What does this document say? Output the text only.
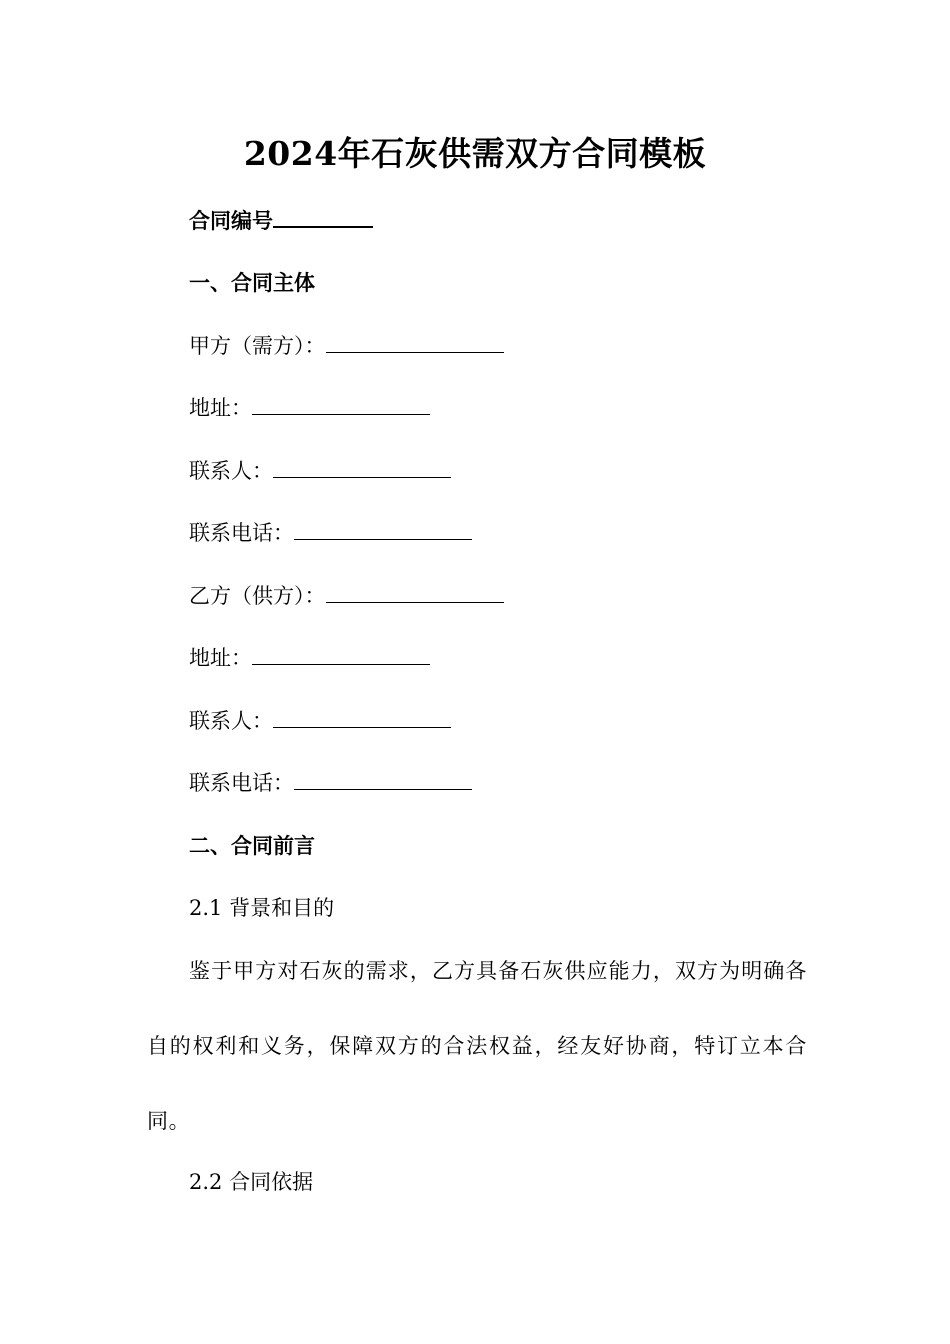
2024年石灰供需双方合同模板
合同编号
一、合同主体
甲方（需方）：
地址：
联系人：
联系电话：
乙方（供方）：
地址：
联系人：
联系电话：
二、合同前言
2.1 背景和目的
鉴于甲方对石灰的需求，乙方具备石灰供应能力，双方为明确各自的权利和义务，保障双方的合法权益，经友好协商，特订立本合同。
2.2 合同依据
